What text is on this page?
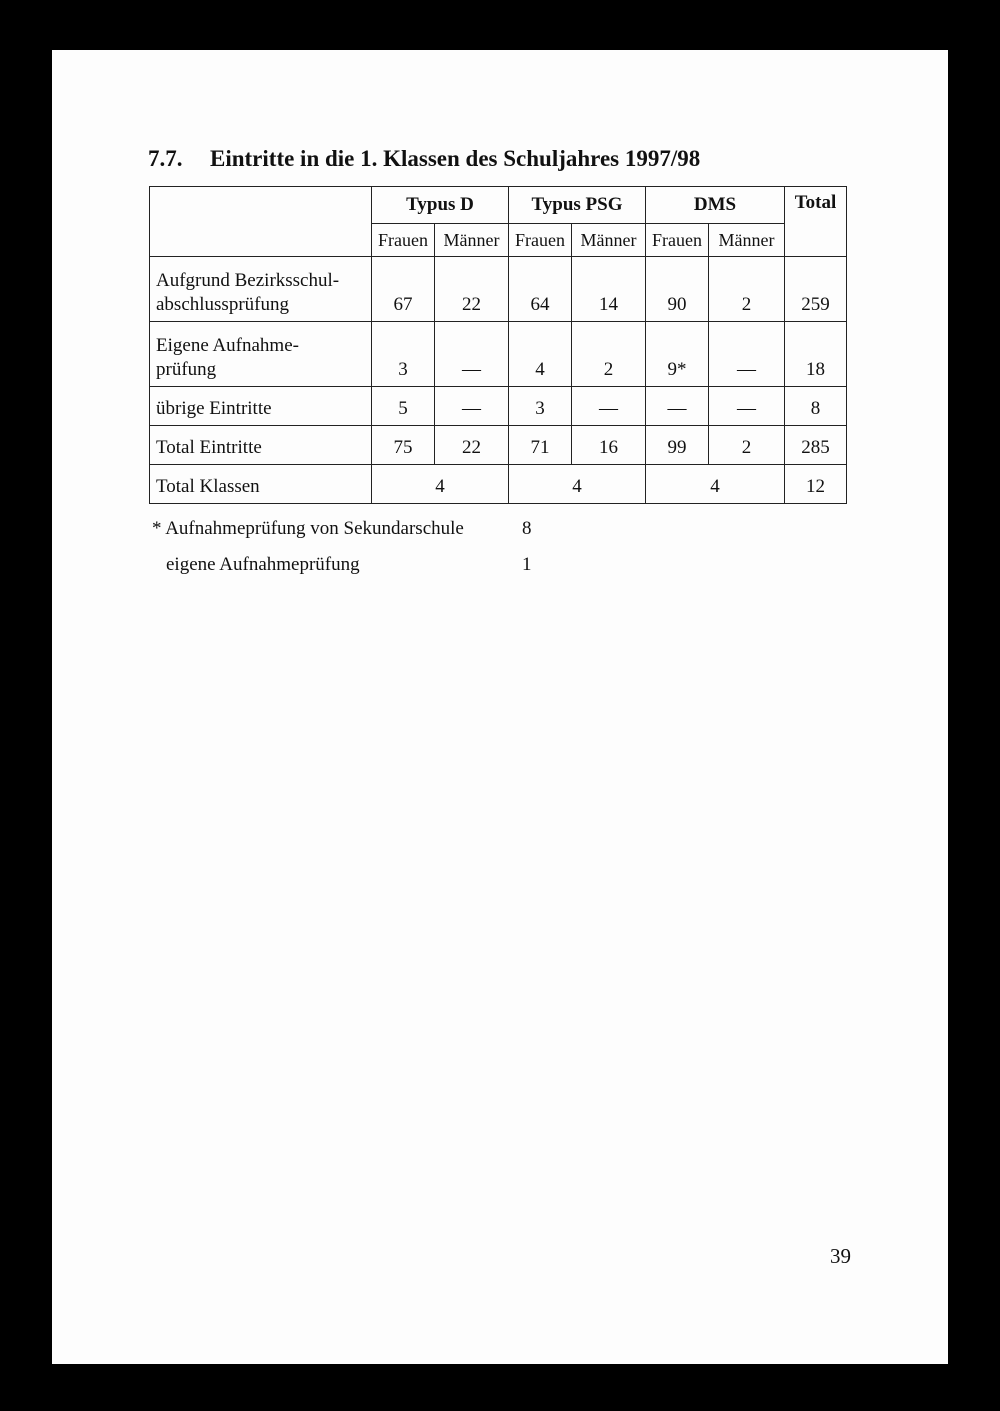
7.7. Eintritte in die 1. Klassen des Schuljahres 1997/98
	Typus D		Typus PSG		DMS		Total
	Frauen	Männer	Frauen	Männer	Frauen	Männer	
Aufgrund Bezirksschul-
abschlussprüfung	67	22	64	14	90	2	259
Eigene Aufnahme-
prüfung	3	—	4	2	9*	—	18
übrige Eintritte	5	—	3	—	—	—	8
Total Eintritte	75	22	71	16	99	2	285
Total Klassen	4		4		4		12
* Aufnahmeprüfung von Sekundarschule	8
eigene Aufnahmeprüfung	1
39
